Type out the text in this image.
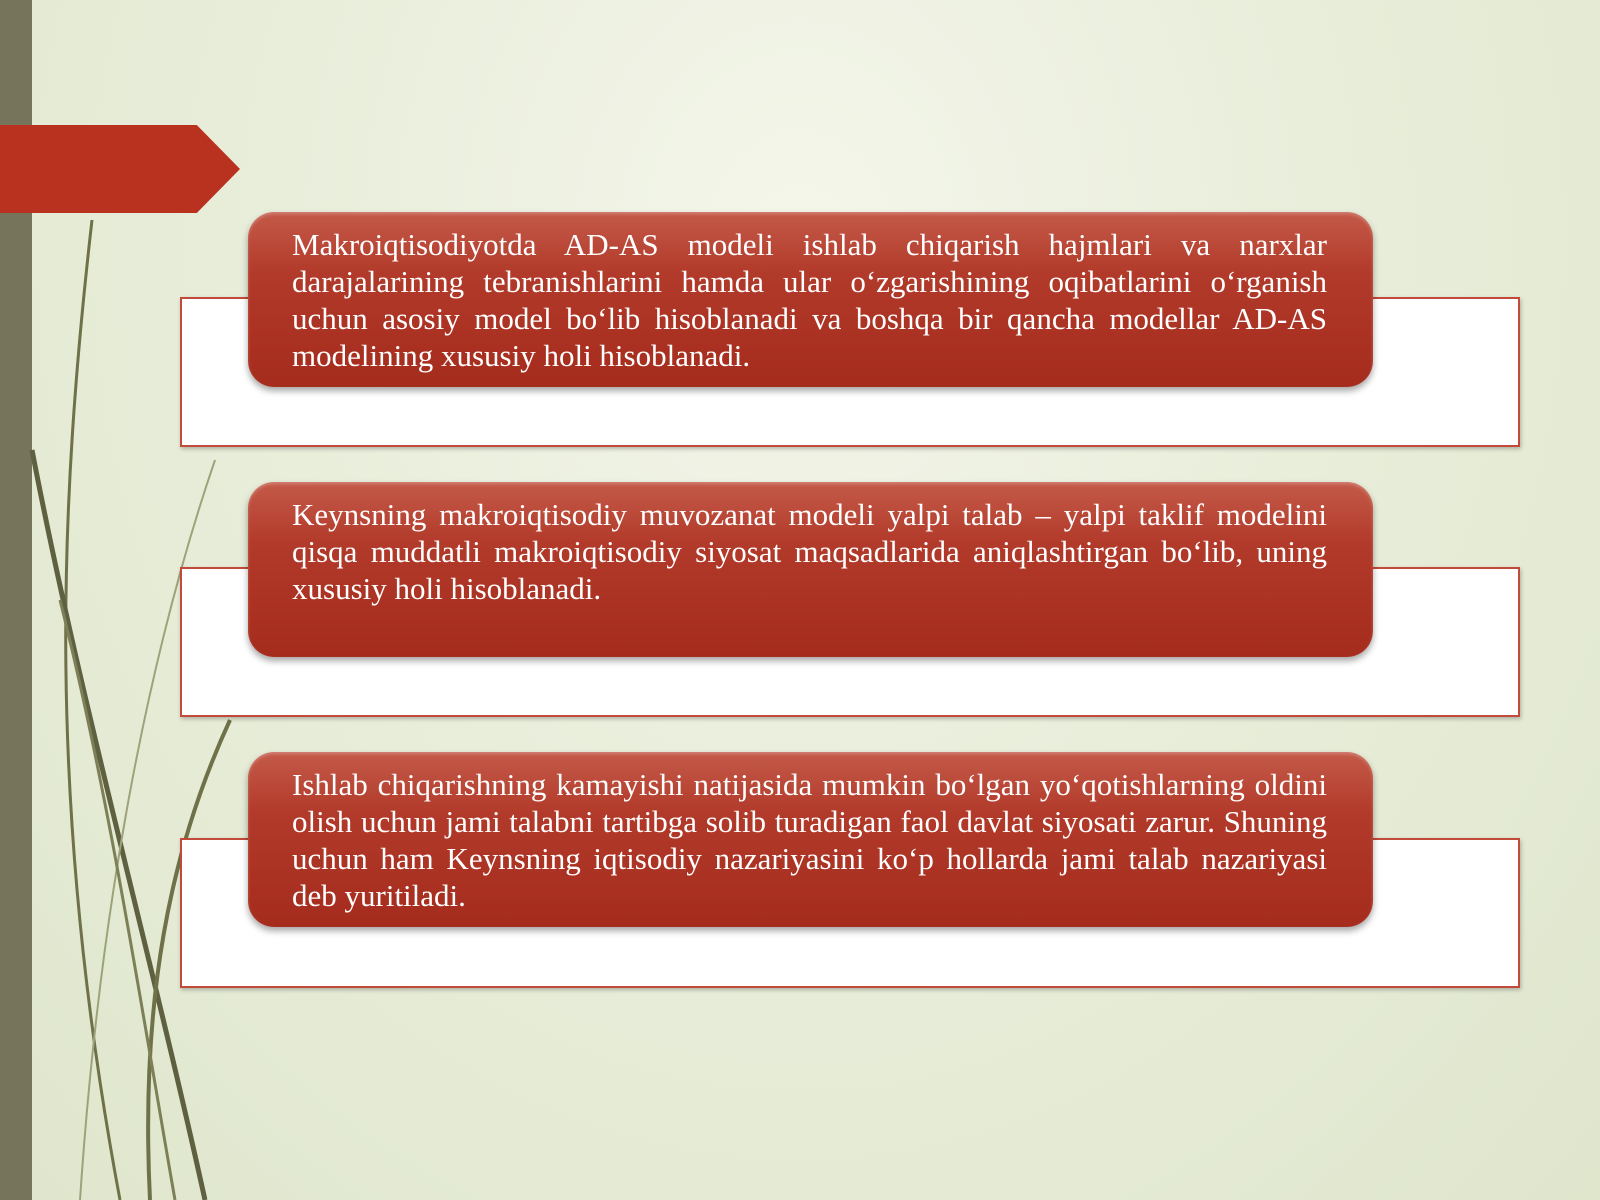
Makroiqtisodiyotda AD-AS modeli ishlab chiqarish hajmlari va narxlar darajalarining tebranishlarini hamda ular o‘zgarishining oqibatlarini o‘rganish uchun asosiy model bo‘lib hisoblanadi va boshqa bir qancha modellar AD-AS modelining xususiy holi hisoblanadi.

Keynsning makroiqtisodiy muvozanat modeli yalpi talab – yalpi taklif modelini qisqa muddatli makroiqtisodiy siyosat maqsadlarida aniqlashtirgan bo‘lib, uning xususiy holi hisoblanadi.

Ishlab chiqarishning kamayishi natijasida mumkin bo‘lgan yo‘qotishlarning oldini olish uchun jami talabni tartibga solib turadigan faol davlat siyosati zarur. Shuning uchun ham Keynsning iqtisodiy nazariyasini ko‘p hollarda jami talab nazariyasi deb yuritiladi.
